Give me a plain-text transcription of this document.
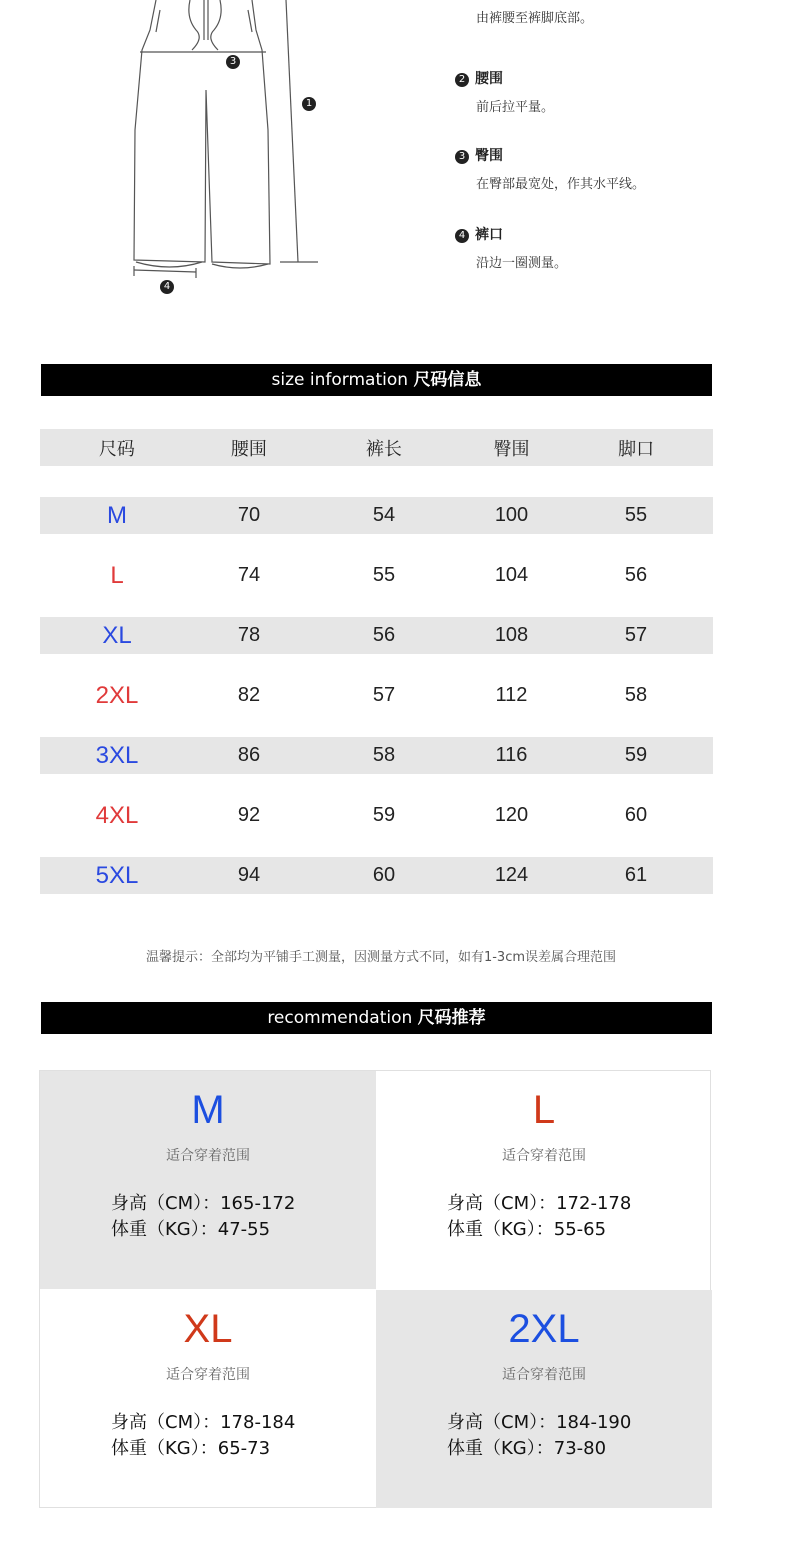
1
3
4
由裤腰至裤脚底部。
2 腰围
前后拉平量。
3 臀围
在臀部最宽处，作其水平线。
4 裤口
沿边一圈测量。
size information 尺码信息
尺码	腰围	裤长	臀围	脚口

M	70	54	100	55
L	74	55	104	56
XL	78	56	108	57
2XL	82	57	112	58
3XL	86	58	116	59
4XL	92	59	120	60
5XL	94	60	124	61
温馨提示：全部均为平铺手工测量，因测量方式不同，如有1-3cm误差属合理范围
recommendation 尺码推荐
M
适合穿着范围
身高（CM）：165-172
体重（KG）：47-55
L
适合穿着范围
身高（CM）：172-178
体重（KG）：55-65
XL
适合穿着范围
身高（CM）：178-184
体重（KG）：65-73
2XL
适合穿着范围
身高（CM）：184-190
体重（KG）：73-80
